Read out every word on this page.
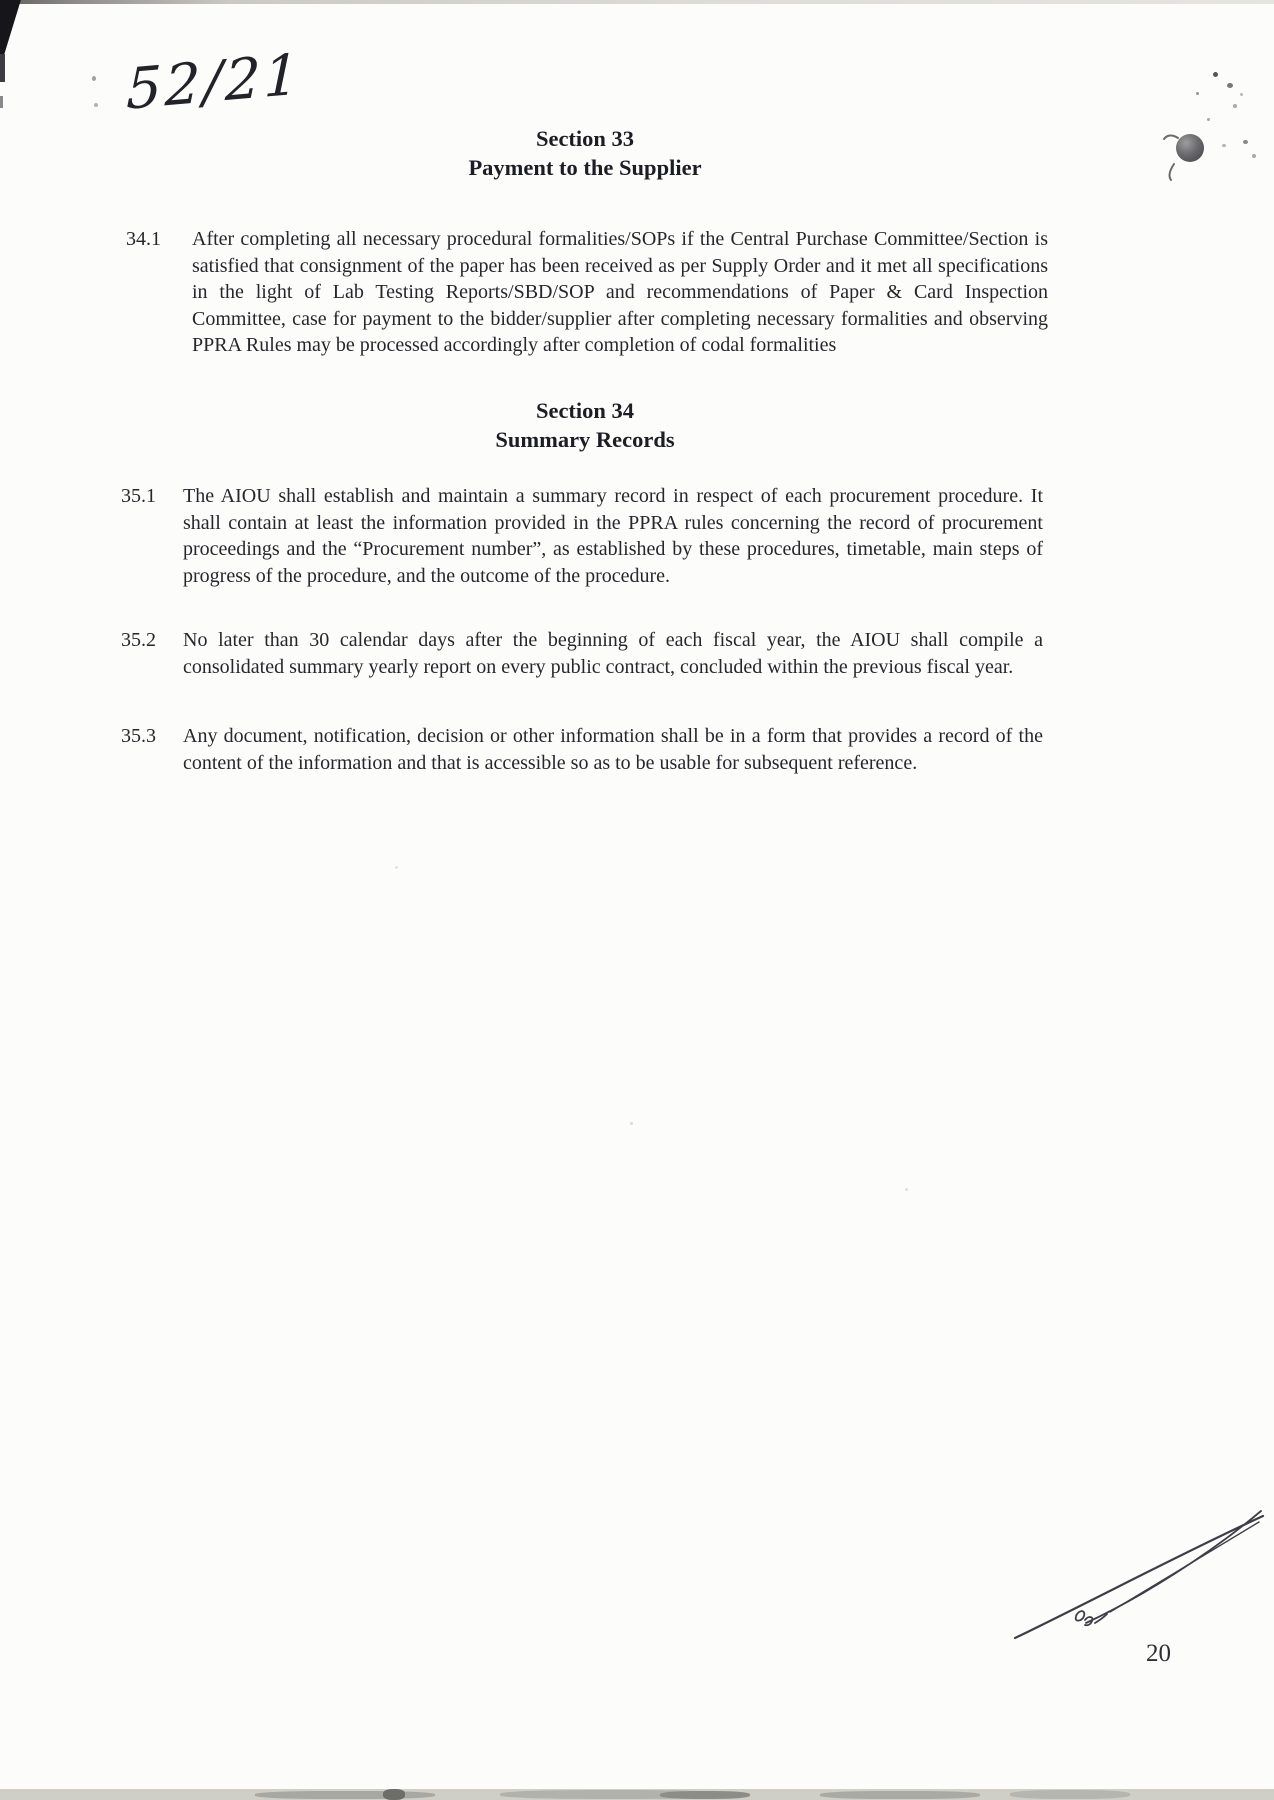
52/21
Section 33
Payment to the Supplier
34.1	After completing all necessary procedural formalities/SOPs if the Central Purchase Committee/Section is satisfied that consignment of the paper has been received as per Supply Order and it met all specifications in the light of Lab Testing Reports/SBD/SOP and recommendations of Paper & Card Inspection Committee, case for payment to the bidder/supplier after completing necessary formalities and observing PPRA Rules may be processed accordingly after completion of codal formalities
Section 34
Summary Records
35.1	The AIOU shall establish and maintain a summary record in respect of each procurement procedure. It shall contain at least the information provided in the PPRA rules concerning the record of procurement proceedings and the “Procurement number”, as established by these procedures, timetable, main steps of progress of the procedure, and the outcome of the procedure.
35.2	No later than 30 calendar days after the beginning of each fiscal year, the AIOU shall compile a consolidated summary yearly report on every public contract, concluded within the previous fiscal year.
35.3	Any document, notification, decision or other information shall be in a form that provides a record of the content of the information and that is accessible so as to be usable for subsequent reference.
20
